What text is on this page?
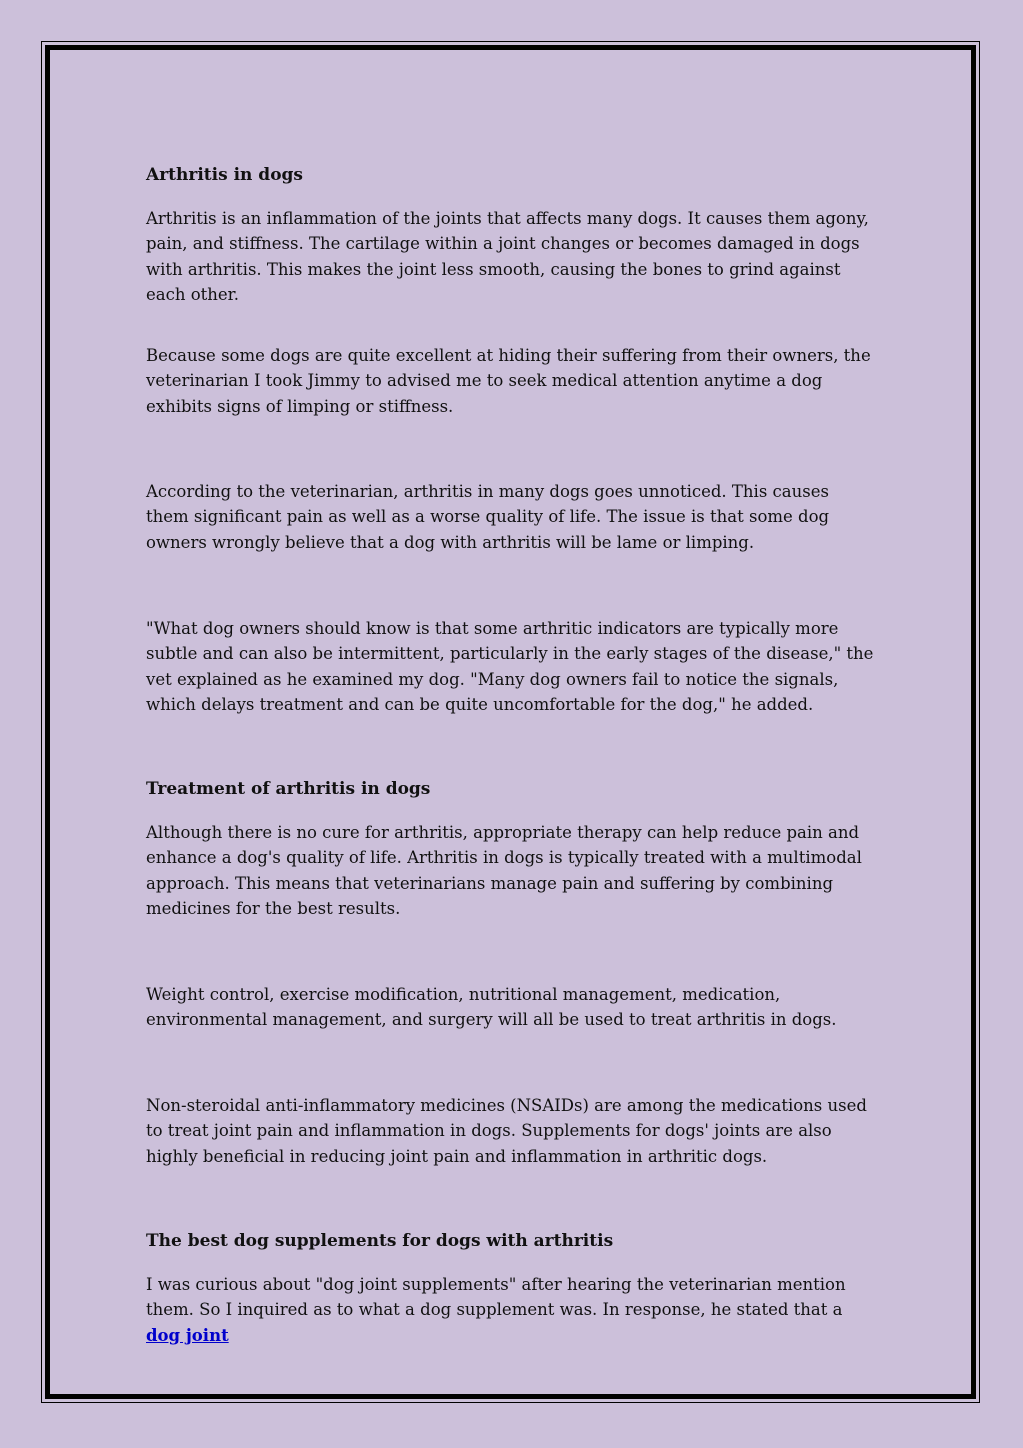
Arthritis in dogs

Arthritis is an inflammation of the joints that affects many dogs. It causes them agony, pain, and stiffness. The cartilage within a joint changes or becomes damaged in dogs with arthritis. This makes the joint less smooth, causing the bones to grind against each other.

Because some dogs are quite excellent at hiding their suffering from their owners, the veterinarian I took Jimmy to advised me to seek medical attention anytime a dog exhibits signs of limping or stiffness.

According to the veterinarian, arthritis in many dogs goes unnoticed. This causes them significant pain as well as a worse quality of life. The issue is that some dog owners wrongly believe that a dog with arthritis will be lame or limping.

"What dog owners should know is that some arthritic indicators are typically more subtle and can also be intermittent, particularly in the early stages of the disease," the vet explained as he examined my dog. "Many dog owners fail to notice the signals, which delays treatment and can be quite uncomfortable for the dog," he added.

Treatment of arthritis in dogs

Although there is no cure for arthritis, appropriate therapy can help reduce pain and enhance a dog's quality of life. Arthritis in dogs is typically treated with a multimodal approach. This means that veterinarians manage pain and suffering by combining medicines for the best results.

Weight control, exercise modification, nutritional management, medication, environmental management, and surgery will all be used to treat arthritis in dogs.

Non-steroidal anti-inflammatory medicines (NSAIDs) are among the medications used to treat joint pain and inflammation in dogs. Supplements for dogs' joints are also highly beneficial in reducing joint pain and inflammation in arthritic dogs.

The best dog supplements for dogs with arthritis

I was curious about "dog joint supplements" after hearing the veterinarian mention them. So I inquired as to what a dog supplement was. In response, he stated that a dog joint
